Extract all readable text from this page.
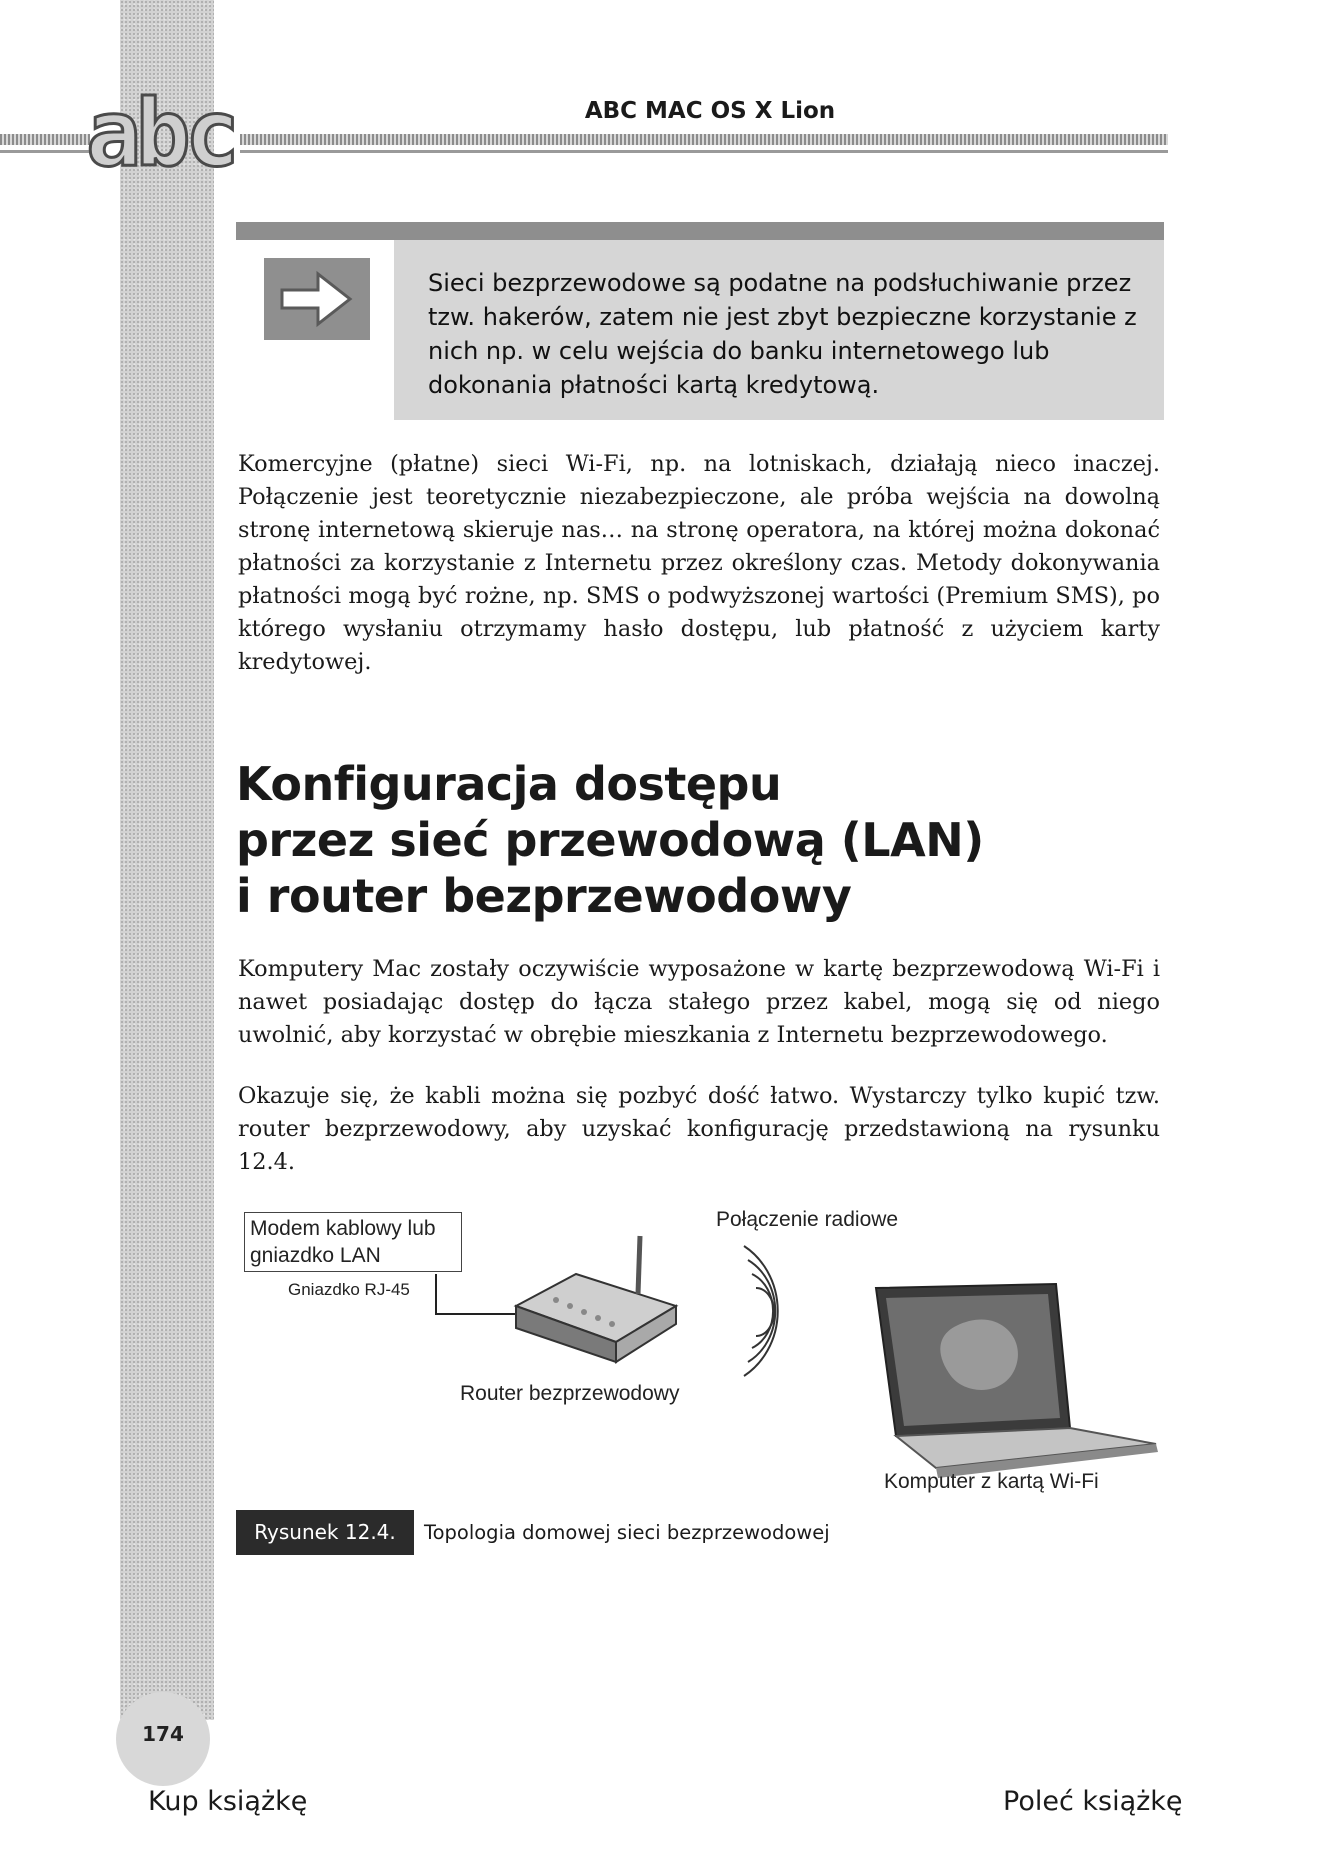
abc	ABC MAC OS X Lion
Sieci bezprzewodowe są podatne na podsłuchiwanie przez tzw. hakerów, zatem nie jest zbyt bezpieczne korzystanie z nich np. w celu wejścia do banku internetowego lub dokonania płatności kartą kredytową.
Komercyjne (płatne) sieci Wi-Fi, np. na lotniskach, działają nieco inaczej. Połączenie jest teoretycznie niezabezpieczone, ale próba wejścia na dowolną stronę internetową skieruje nas… na stronę operatora, na której można dokonać płatności za korzystanie z Internetu przez określony czas. Metody dokonywania płatności mogą być rożne, np. SMS o podwyższonej wartości (Premium SMS), po którego wysłaniu otrzymamy hasło dostępu, lub płatność z użyciem karty kredytowej.
Konfiguracja dostępu
przez sieć przewodową (LAN)
i router bezprzewodowy
Komputery Mac zostały oczywiście wyposażone w kartę bezprzewodową Wi-Fi i nawet posiadając dostęp do łącza stałego przez kabel, mogą się od niego uwolnić, aby korzystać w obrębie mieszkania z Internetu bezprzewodowego.
Okazuje się, że kabli można się pozbyć dość łatwo. Wystarczy tylko kupić tzw. router bezprzewodowy, aby uzyskać konfigurację przedstawioną na rysunku 12.4.
Modem kablowy lub
gniazdko LAN
Gniazdko RJ-45
Połączenie radiowe
Router bezprzewodowy
Komputer z kartą Wi-Fi
Rysunek 12.4.	Topologia domowej sieci bezprzewodowej
174
Kup książkę	Poleć książkę
